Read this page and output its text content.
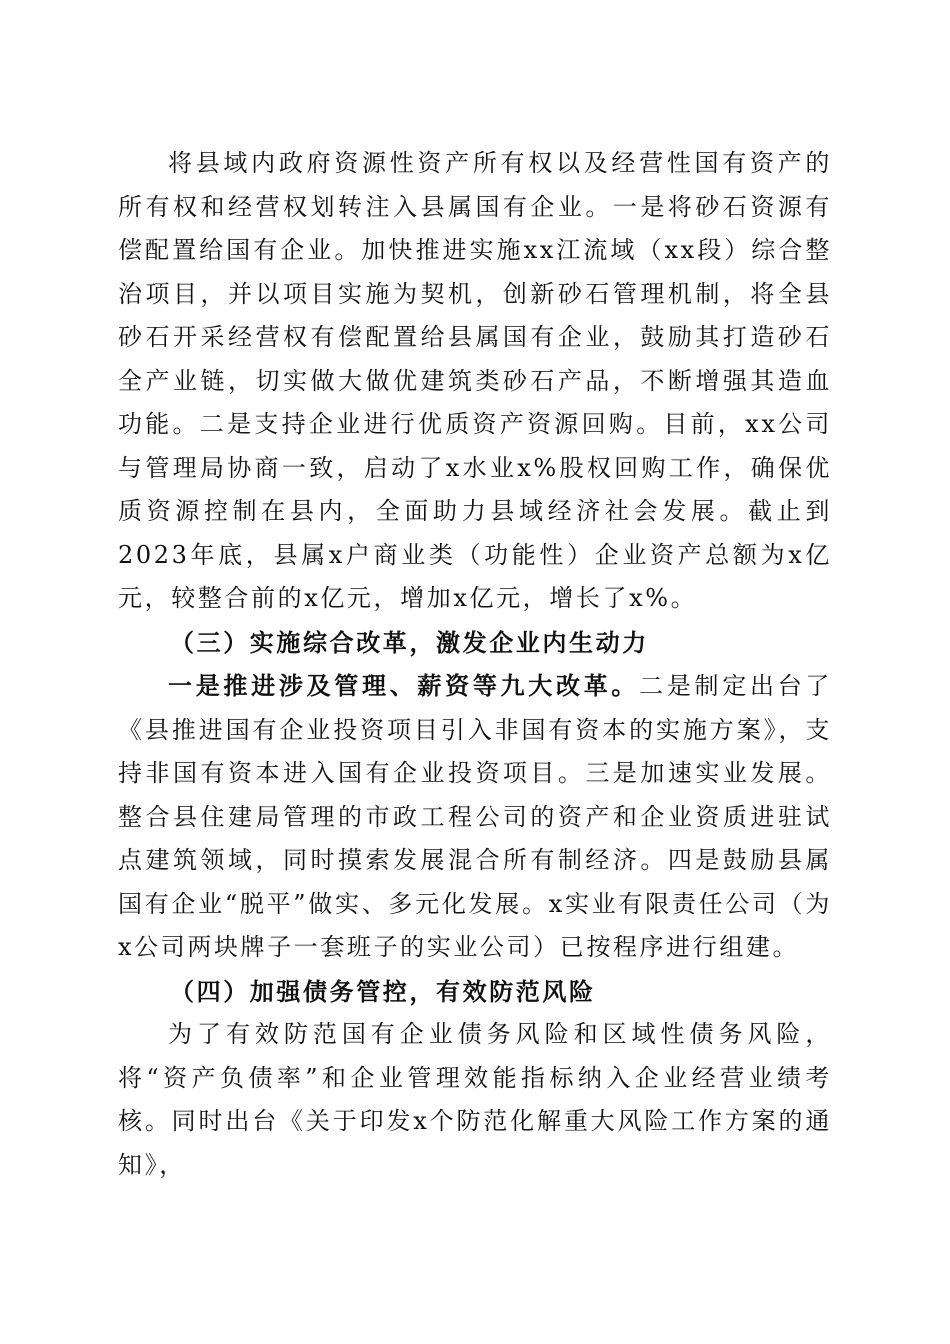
将县域内政府资源性资产所有权以及经营性国有资产的所有权和经营权划转注入县属国有企业。一是将砂石资源有偿配置给国有企业。加快推进实施xx江流域（xx段）综合整治项目，并以项目实施为契机，创新砂石管理机制，将全县砂石开采经营权有偿配置给县属国有企业，鼓励其打造砂石全产业链，切实做大做优建筑类砂石产品，不断增强其造血功能。二是支持企业进行优质资产资源回购。目前，xx公司与管理局协商一致，启动了x水业x%股权回购工作，确保优质资源控制在县内，全面助力县域经济社会发展。截止到2023年底，县属x户商业类（功能性）企业资产总额为x亿元，较整合前的x亿元，增加x亿元，增长了x%。

（三）实施综合改革，激发企业内生动力

一是推进涉及管理、薪资等九大改革。二是制定出台了《县推进国有企业投资项目引入非国有资本的实施方案》，支持非国有资本进入国有企业投资项目。三是加速实业发展。整合县住建局管理的市政工程公司的资产和企业资质进驻试点建筑领域，同时摸索发展混合所有制经济。四是鼓励县属国有企业“脱平”做实、多元化发展。x实业有限责任公司（为x公司两块牌子一套班子的实业公司）已按程序进行组建。

（四）加强债务管控，有效防范风险

为了有效防范国有企业债务风险和区域性债务风险，将“资产负债率”和企业管理效能指标纳入企业经营业绩考核。同时出台《关于印发x个防范化解重大风险工作方案的通知》，
